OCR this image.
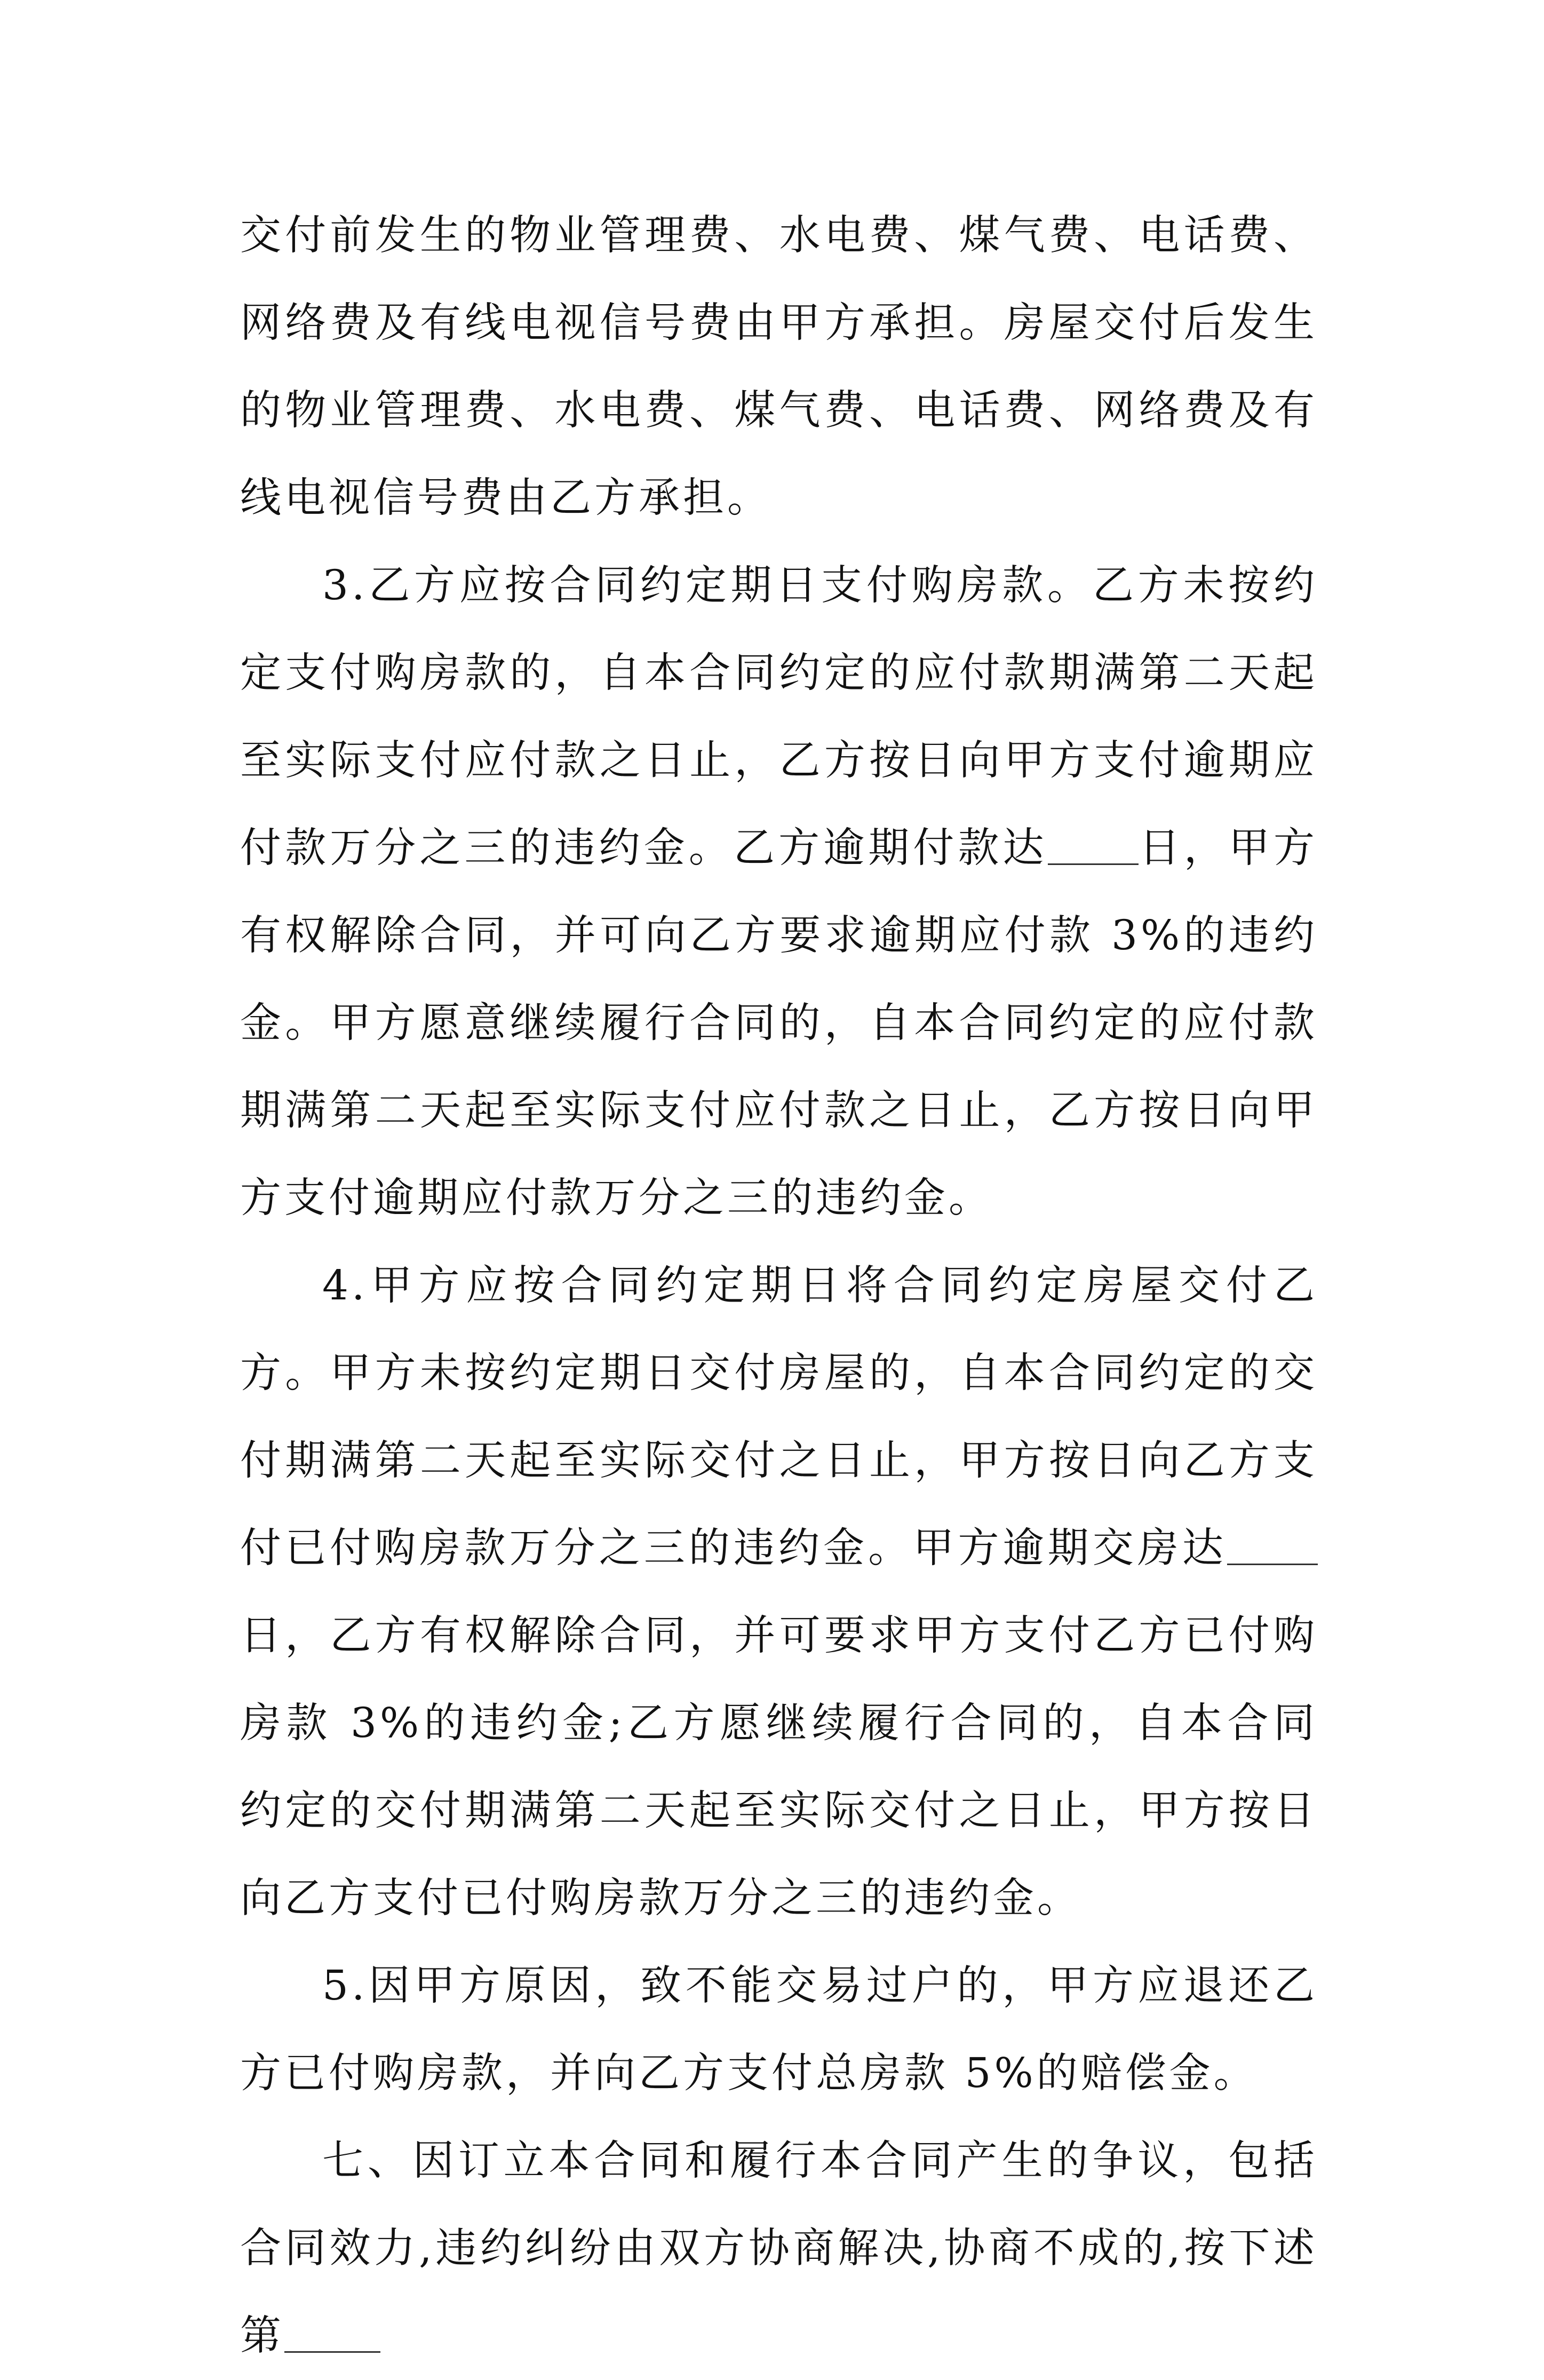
交付前发生的物业管理费、水电费、煤气费、电话费、网络费及有线电视信号费由甲方承担。房屋交付后发生的物业管理费、水电费、煤气费、电话费、网络费及有线电视信号费由乙方承担。

3.乙方应按合同约定期日支付购房款。乙方未按约定支付购房款的，自本合同约定的应付款期满第二天起至实际支付应付款之日止，乙方按日向甲方支付逾期应付款万分之三的违约金。乙方逾期付款达 日，甲方有权解除合同，并可向乙方要求逾期应付款 3%的违约金。甲方愿意继续履行合同的，自本合同约定的应付款期满第二天起至实际支付应付款之日止，乙方按日向甲方支付逾期应付款万分之三的违约金。

4.甲方应按合同约定期日将合同约定房屋交付乙方。甲方未按约定期日交付房屋的，自本合同约定的交付期满第二天起至实际交付之日止，甲方按日向乙方支付已付购房款万分之三的违约金。甲方逾期交房达日，乙方有权解除合同，并可要求甲方支付乙方已付购房款 3%的违约金;乙方愿继续履行合同的，自本合同约定的交付期满第二天起至实际交付之日止，甲方按日向乙方支付已付购房款万分之三的违约金。

5.因甲方原因，致不能交易过户的，甲方应退还乙方已付购房款，并向乙方支付总房款 5%的赔偿金。

七、因订立本合同和履行本合同产生的争议，包括合同效力,违约纠纷由双方协商解决,协商不成的,按下述第
